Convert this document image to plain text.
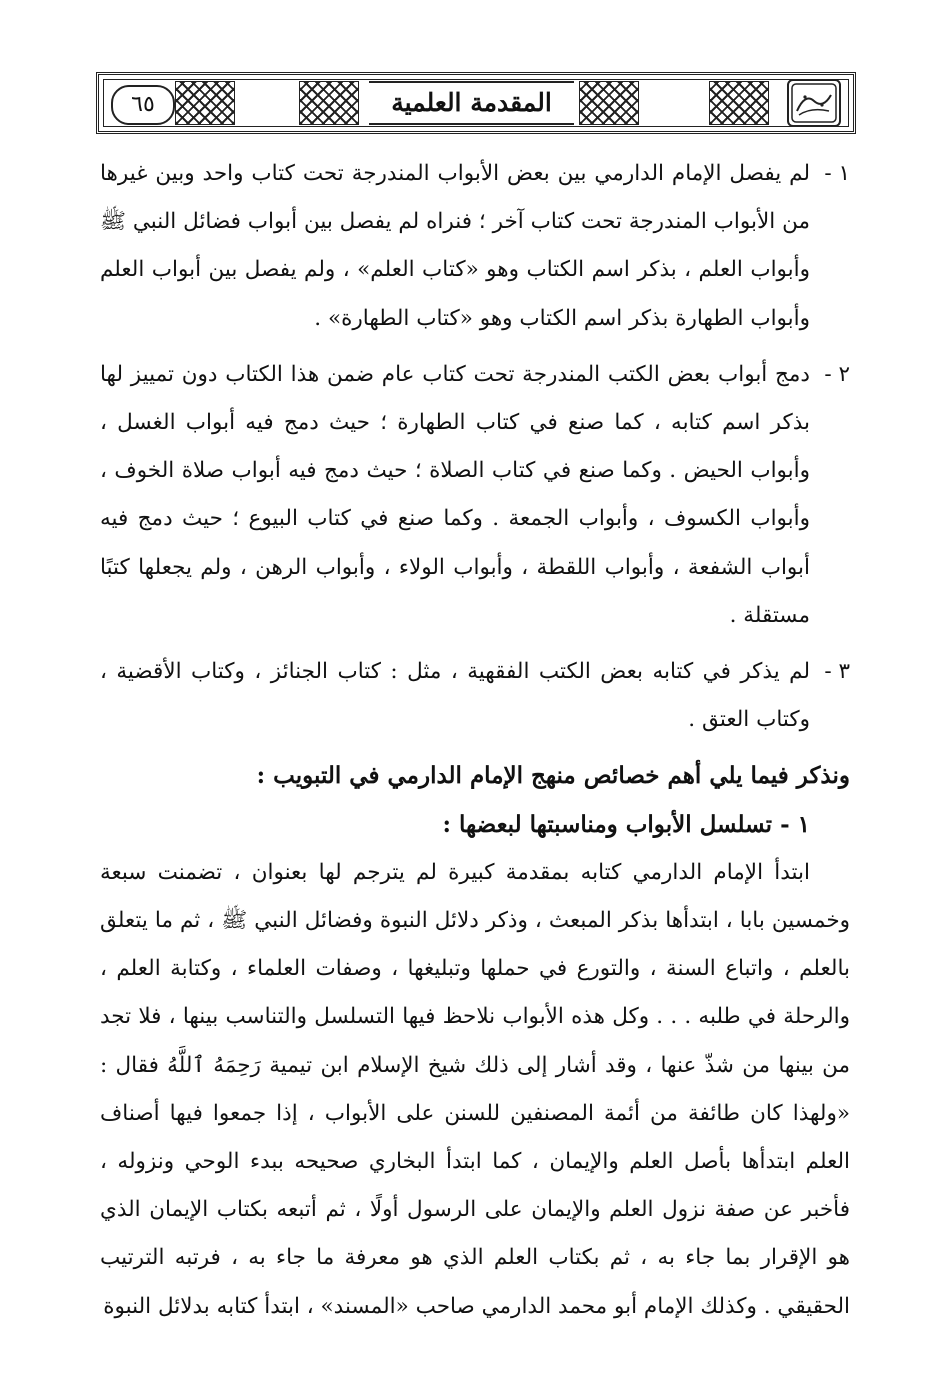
٦٥	المقدمة العلمية
١ -

لم يفصل الإمام الدارمي بين بعض الأبواب المندرجة تحت كتاب واحد وبين غيرها من الأبواب المندرجة تحت كتاب آخر ؛ فنراه لم يفصل بين أبواب فضائل النبي ﷺ وأبواب العلم ، بذكر اسم الكتاب وهو «كتاب العلم» ، ولم يفصل بين أبواب العلم وأبواب الطهارة بذكر اسم الكتاب وهو «كتاب الطهارة» .

٢ -

دمج أبواب بعض الكتب المندرجة تحت كتاب عام ضمن هذا الكتاب دون تمييز لها بذكر اسم كتابه ، كما صنع في كتاب الطهارة ؛ حيث دمج فيه أبواب الغسل ، وأبواب الحيض . وكما صنع في كتاب الصلاة ؛ حيث دمج فيه أبواب صلاة الخوف ، وأبواب الكسوف ، وأبواب الجمعة . وكما صنع في كتاب البيوع ؛ حيث دمج فيه أبواب الشفعة ، وأبواب اللقطة ، وأبواب الولاء ، وأبواب الرهن ، ولم يجعلها كتبًا مستقلة .

٣ -

لم يذكر في كتابه بعض الكتب الفقهية ، مثل : كتاب الجنائز ، وكتاب الأقضية ، وكتاب العتق .

ونذكر فيما يلي أهم خصائص منهج الإمام الدارمي في التبويب :

١ - تسلسل الأبواب ومناسبتها لبعضها :

ابتدأ الإمام الدارمي كتابه بمقدمة كبيرة لم يترجم لها بعنوان ، تضمنت سبعة وخمسين بابا ، ابتدأها بذكر المبعث ، وذكر دلائل النبوة وفضائل النبي ﷺ ، ثم ما يتعلق بالعلم ، واتباع السنة ، والتورع في حملها وتبليغها ، وصفات العلماء ، وكتابة العلم ، والرحلة في طلبه . . . وكل هذه الأبواب نلاحظ فيها التسلسل والتناسب بينها ، فلا تجد من بينها من شذّ عنها ، وقد أشار إلى ذلك شيخ الإسلام ابن تيمية رَحِمَهُ ٱللَّهُ فقال : «ولهذا كان طائفة من أئمة المصنفين للسنن على الأبواب ، إذا جمعوا فيها أصناف العلم ابتدأها بأصل العلم والإيمان ، كما ابتدأ البخاري صحيحه ببدء الوحي ونزوله ، فأخبر عن صفة نزول العلم والإيمان على الرسول أولًا ، ثم أتبعه بكتاب الإيمان الذي هو الإقرار بما جاء به ، ثم بكتاب العلم الذي هو معرفة ما جاء به ، فرتبه الترتيب الحقيقي . وكذلك الإمام أبو محمد الدارمي صاحب «المسند» ، ابتدأ كتابه بدلائل النبوة
